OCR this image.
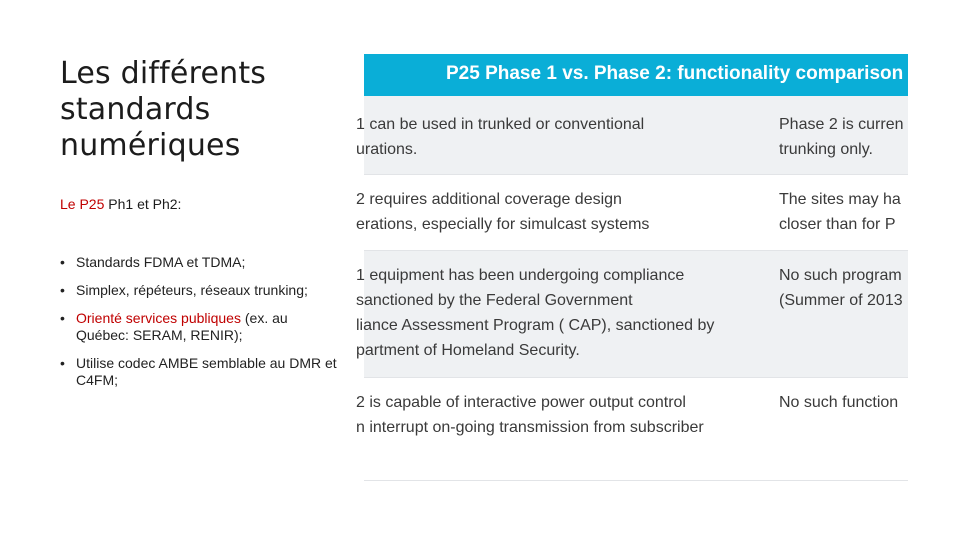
Les différents
standards
numériques
Le P25 Ph1 et Ph2:
• Standards FDMA et TDMA;
• Simplex, répéteurs, réseaux trunking;
• Orienté services publiques (ex. au Québec: SERAM, RENIR);
• Utilise codec AMBE semblable au DMR et C4FM;
P25 Phase 1 vs. Phase 2: functionality comparison
1 can be used in trunked or conventional
urations.
Phase 2 is curren
trunking only.
2 requires additional coverage design
erations, especially for simulcast systems
The sites may ha
closer than for P
1 equipment has been undergoing compliance
sanctioned by the Federal Government
liance Assessment Program ( CAP), sanctioned by
partment of Homeland Security.
No such program
(Summer of 2013
2 is capable of interactive power output control
n interrupt on-going transmission from subscriber
No such function
